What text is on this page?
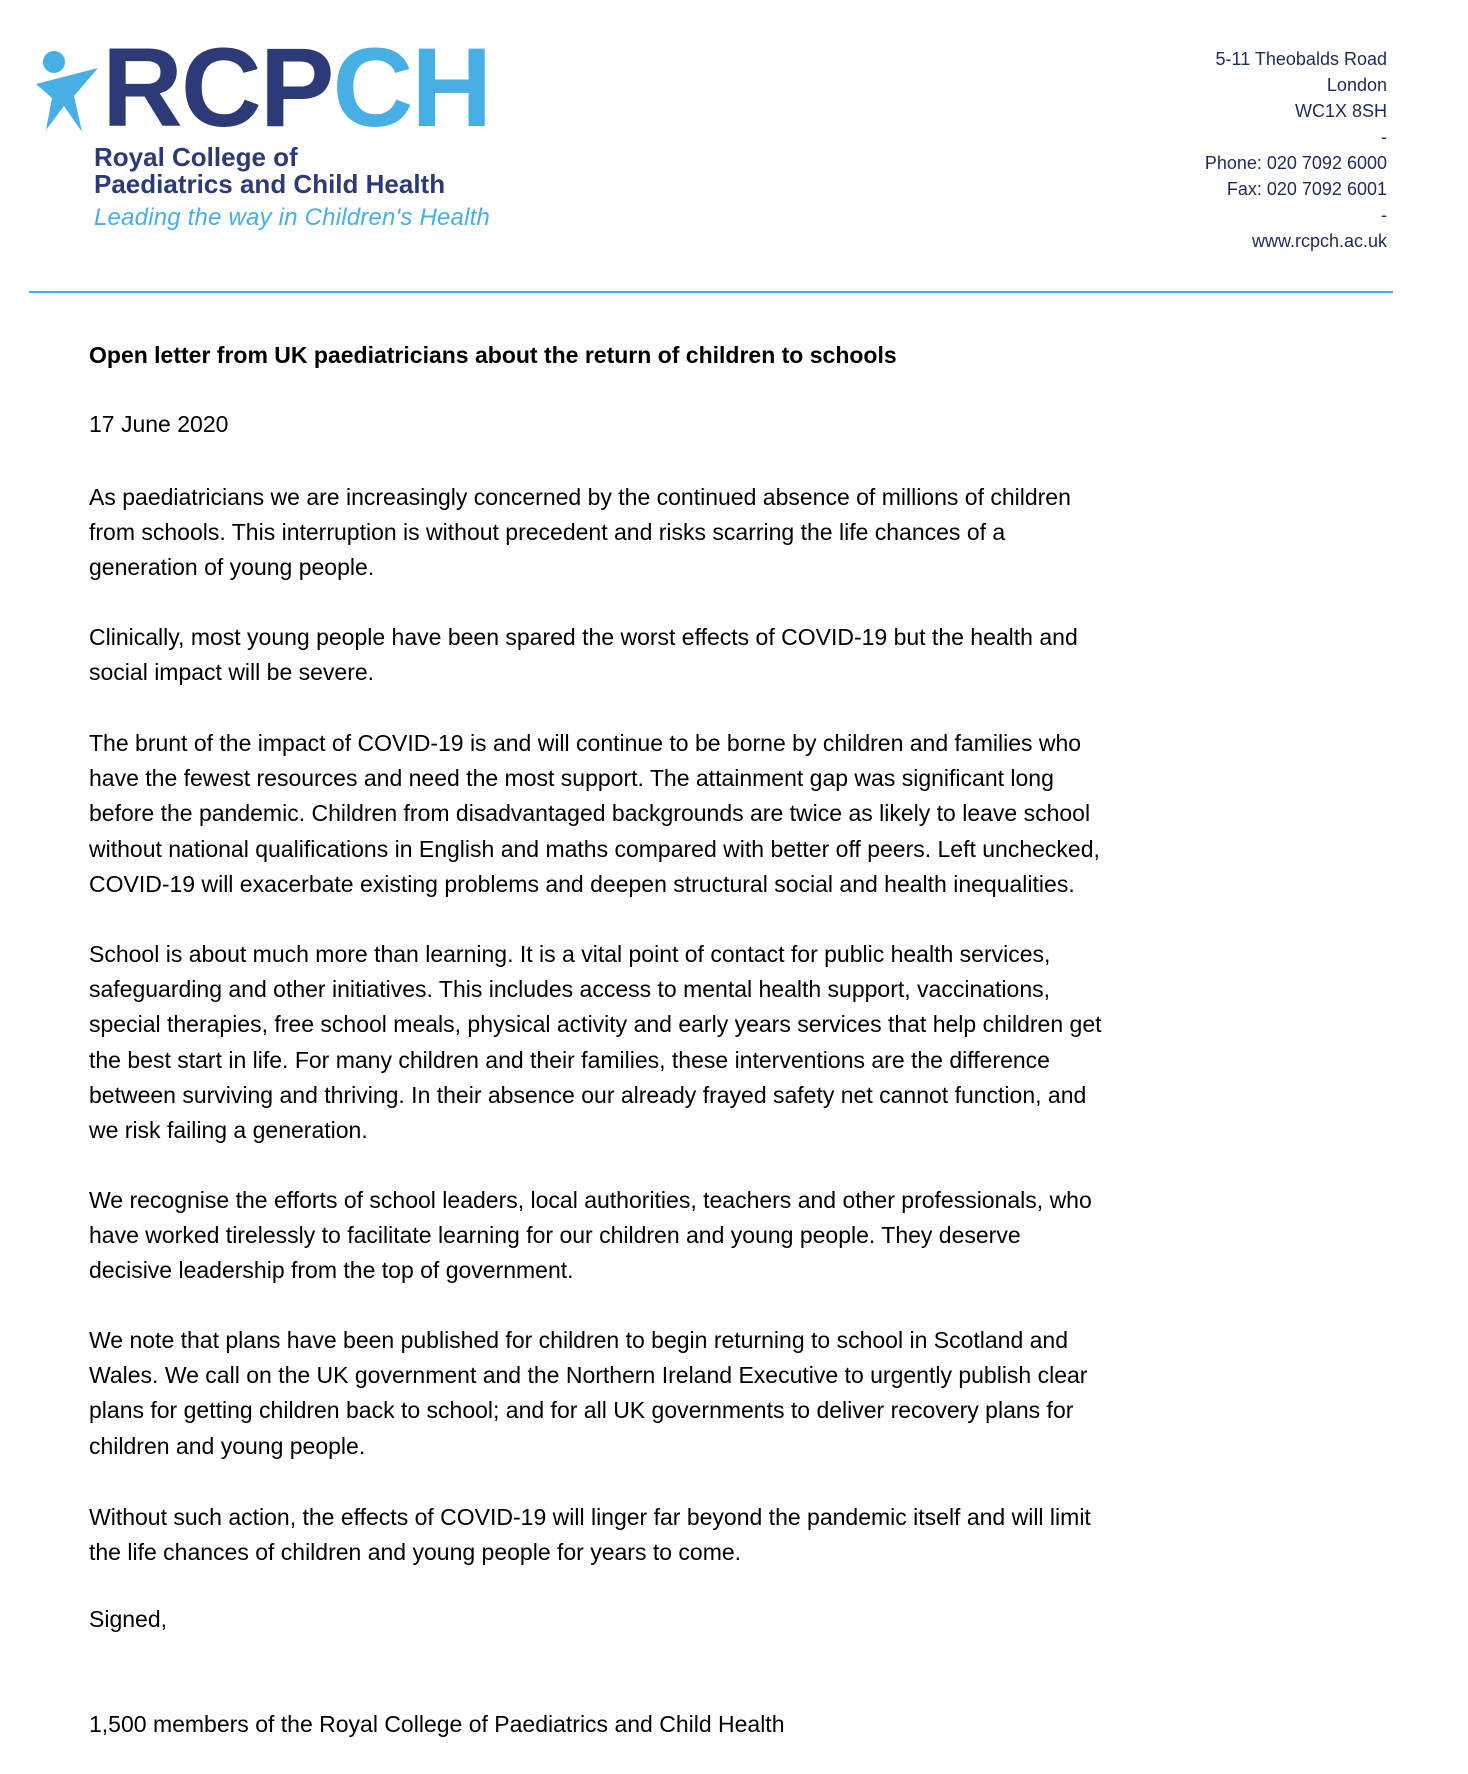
RCPCH
Royal College of
Paediatrics and Child Health
Leading the way in Children's Health
5-11 Theobalds Road
London
WC1X 8SH
-
Phone: 020 7092 6000
Fax: 020 7092 6001
-
www.rcpch.ac.uk
Open letter from UK paediatricians about the return of children to schools
17 June 2020
As paediatricians we are increasingly concerned by the continued absence of millions of children
from schools. This interruption is without precedent and risks scarring the life chances of a
generation of young people.
Clinically, most young people have been spared the worst effects of COVID-19 but the health and
social impact will be severe.
The brunt of the impact of COVID-19 is and will continue to be borne by children and families who
have the fewest resources and need the most support. The attainment gap was significant long
before the pandemic. Children from disadvantaged backgrounds are twice as likely to leave school
without national qualifications in English and maths compared with better off peers. Left unchecked,
COVID-19 will exacerbate existing problems and deepen structural social and health inequalities.
School is about much more than learning. It is a vital point of contact for public health services,
safeguarding and other initiatives. This includes access to mental health support, vaccinations,
special therapies, free school meals, physical activity and early years services that help children get
the best start in life. For many children and their families, these interventions are the difference
between surviving and thriving. In their absence our already frayed safety net cannot function, and
we risk failing a generation.
We recognise the efforts of school leaders, local authorities, teachers and other professionals, who
have worked tirelessly to facilitate learning for our children and young people. They deserve
decisive leadership from the top of government.
We note that plans have been published for children to begin returning to school in Scotland and
Wales. We call on the UK government and the Northern Ireland Executive to urgently publish clear
plans for getting children back to school; and for all UK governments to deliver recovery plans for
children and young people.
Without such action, the effects of COVID-19 will linger far beyond the pandemic itself and will limit
the life chances of children and young people for years to come.
Signed,
1,500 members of the Royal College of Paediatrics and Child Health
